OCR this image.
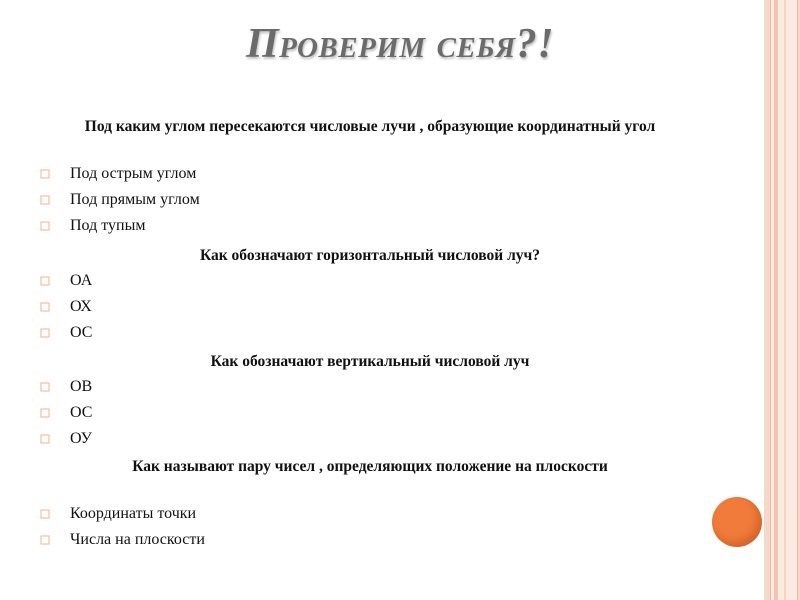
Проверим себя?!
Под каким углом пересекаются числовые лучи , образующие координатный угол
Под острым углом
Под прямым углом
Под тупым
Как обозначают горизонтальный числовой луч?
ОА
ОХ
ОС
Как обозначают вертикальный числовой луч
ОВ
ОС
ОУ
Как называют пару чисел , определяющих положение на плоскости
Координаты точки
Числа на плоскости
